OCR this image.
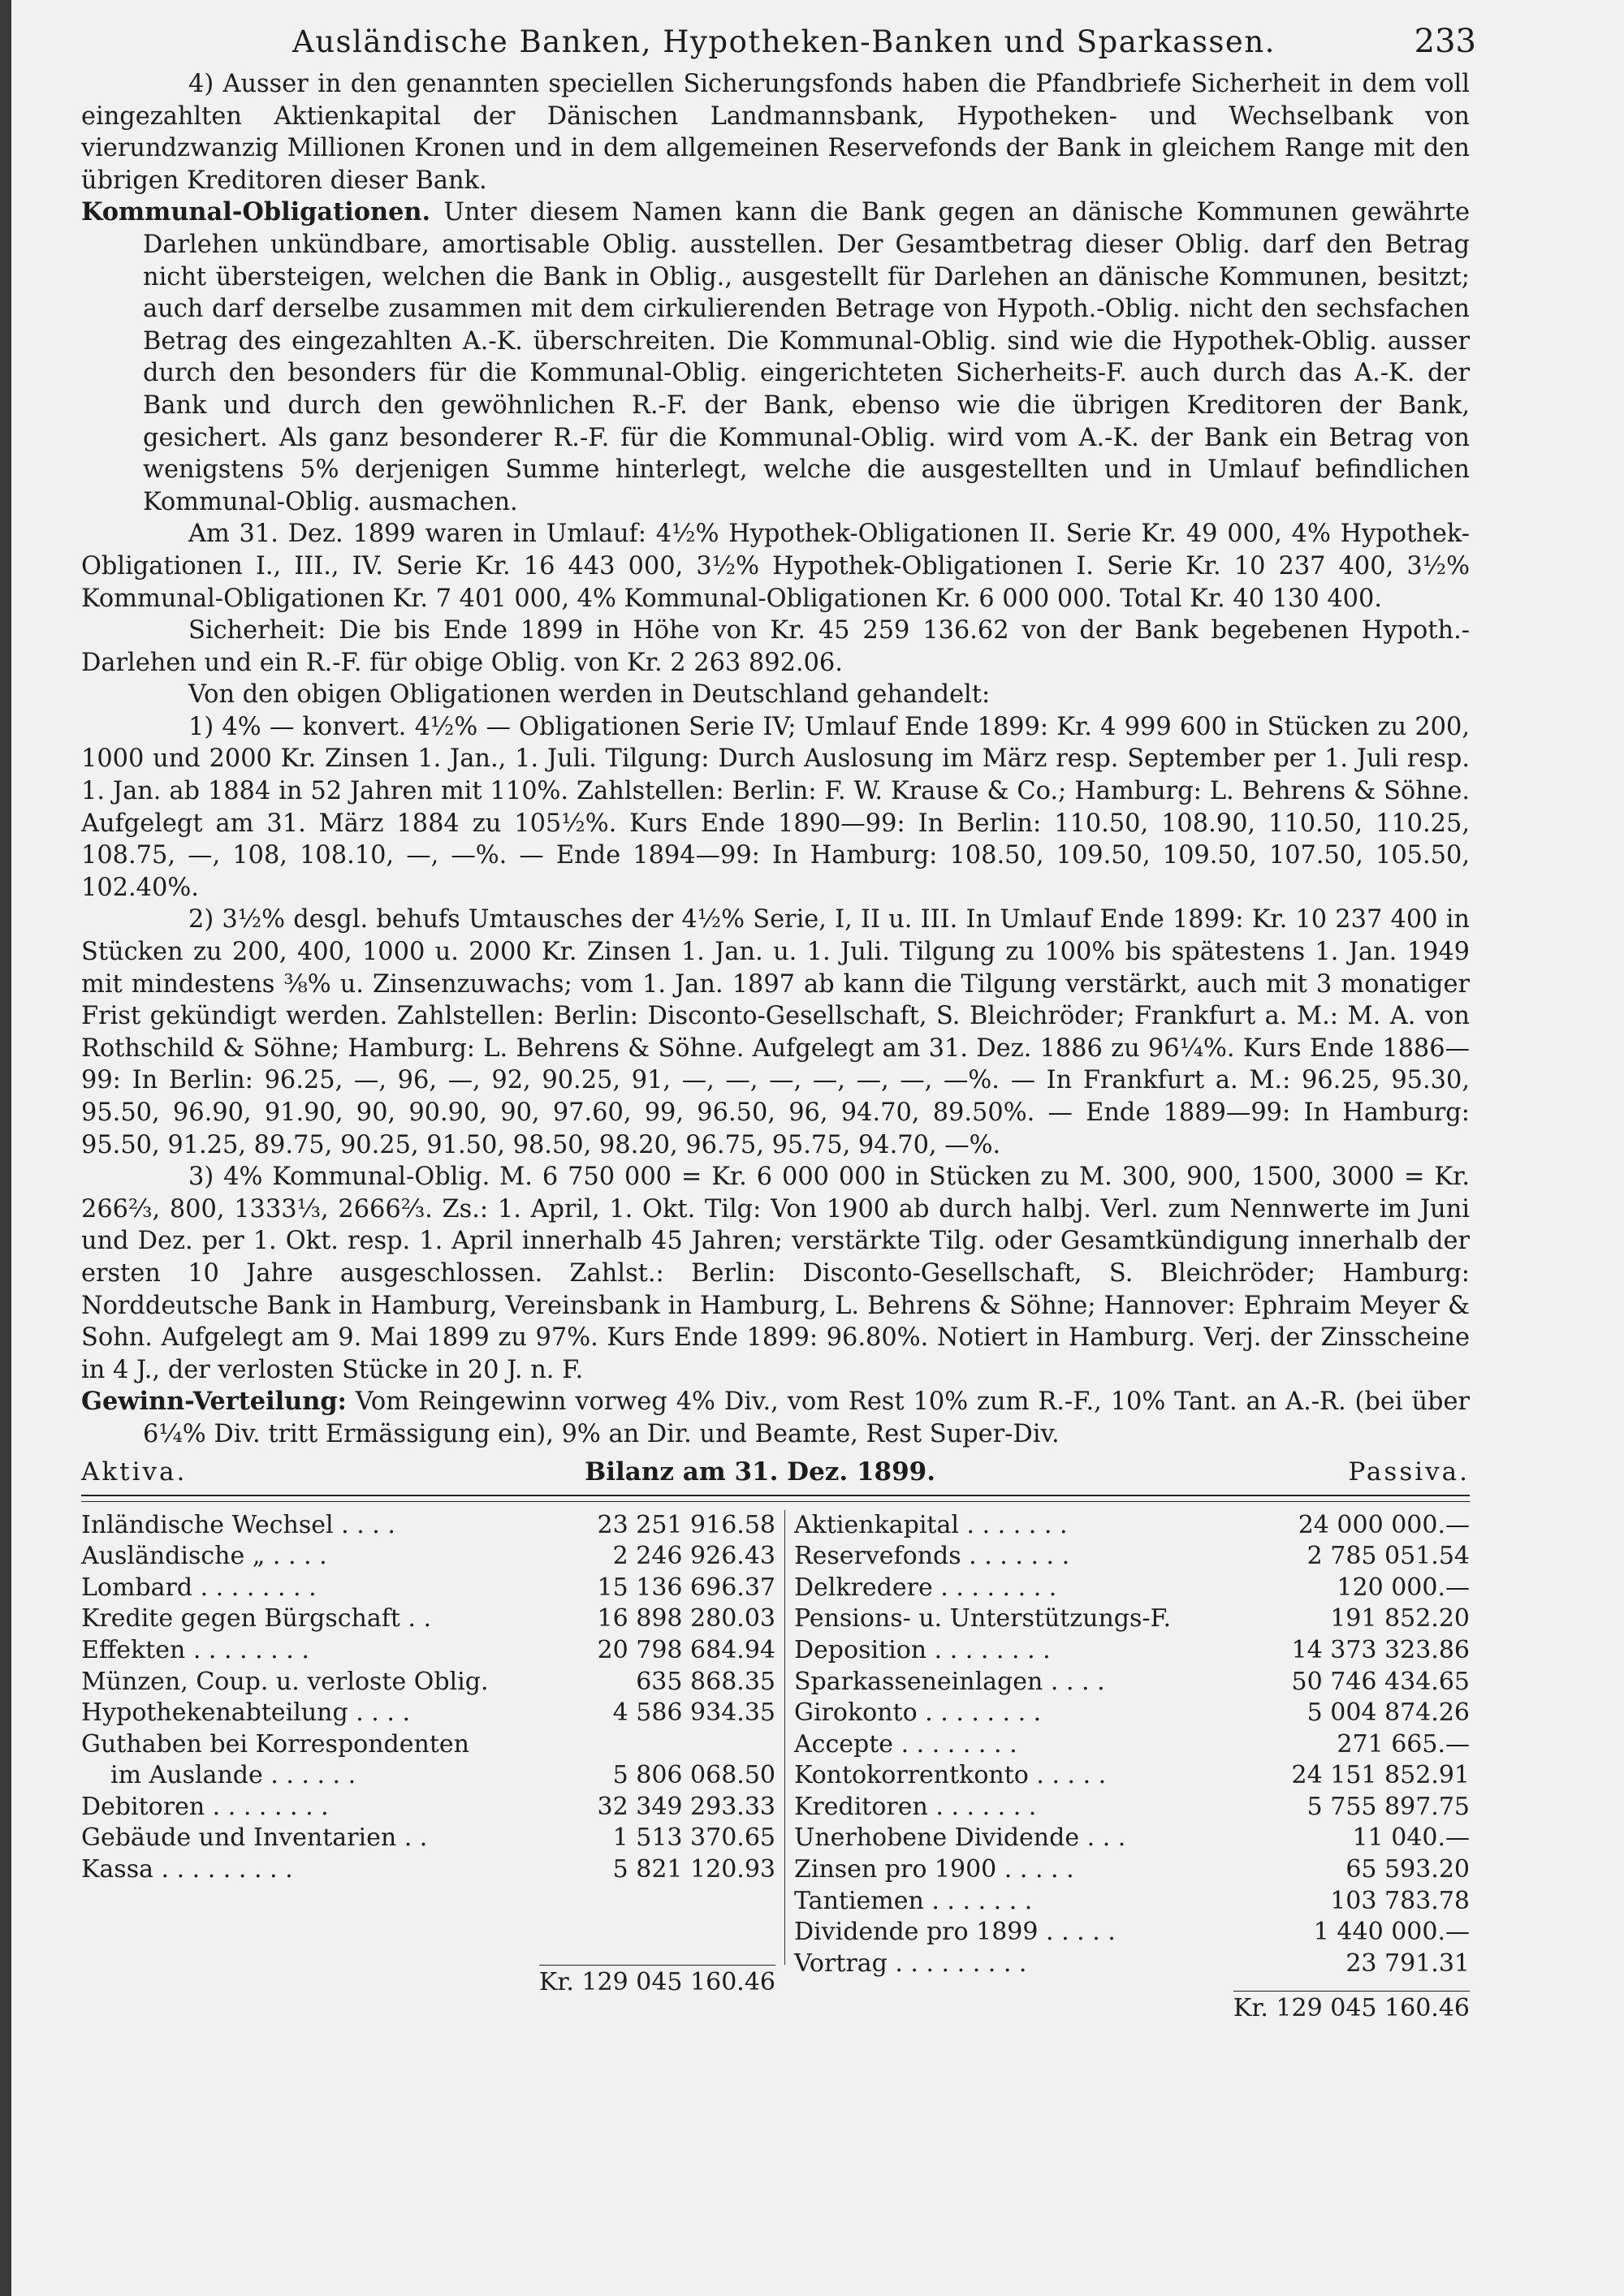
Ausländische Banken, Hypotheken-Banken und Sparkassen.	233

4) Ausser in den genannten speciellen Sicherungsfonds haben die Pfandbriefe Sicherheit in dem voll eingezahlten Aktienkapital der Dänischen Landmannsbank, Hypotheken- und Wechselbank von vierundzwanzig Millionen Kronen und in dem allgemeinen Reservefonds der Bank in gleichem Range mit den übrigen Kreditoren dieser Bank.

Kommunal-Obligationen. Unter diesem Namen kann die Bank gegen an dänische Kommunen gewährte Darlehen unkündbare, amortisable Oblig. ausstellen. Der Gesamtbetrag dieser Oblig. darf den Betrag nicht übersteigen, welchen die Bank in Oblig., ausgestellt für Darlehen an dänische Kommunen, besitzt; auch darf derselbe zusammen mit dem cirkulierenden Betrage von Hypoth.-Oblig. nicht den sechsfachen Betrag des eingezahlten A.-K. überschreiten. Die Kommunal-Oblig. sind wie die Hypothek-Oblig. ausser durch den besonders für die Kommunal-Oblig. eingerichteten Sicherheits-F. auch durch das A.-K. der Bank und durch den gewöhnlichen R.-F. der Bank, ebenso wie die übrigen Kreditoren der Bank, gesichert. Als ganz besonderer R.-F. für die Kommunal-Oblig. wird vom A.-K. der Bank ein Betrag von wenigstens 5% derjenigen Summe hinterlegt, welche die ausgestellten und in Umlauf befindlichen Kommunal-Oblig. ausmachen.

Am 31. Dez. 1899 waren in Umlauf: 4½% Hypothek-Obligationen II. Serie Kr. 49 000, 4% Hypothek-Obligationen I., III., IV. Serie Kr. 16 443 000, 3½% Hypothek-Obligationen I. Serie Kr. 10 237 400, 3½% Kommunal-Obligationen Kr. 7 401 000, 4% Kommunal-Obligationen Kr. 6 000 000. Total Kr. 40 130 400.

Sicherheit: Die bis Ende 1899 in Höhe von Kr. 45 259 136.62 von der Bank begebenen Hypoth.-Darlehen und ein R.-F. für obige Oblig. von Kr. 2 263 892.06.

Von den obigen Obligationen werden in Deutschland gehandelt:

1) 4% — konvert. 4½% — Obligationen Serie IV; Umlauf Ende 1899: Kr. 4 999 600 in Stücken zu 200, 1000 und 2000 Kr. Zinsen 1. Jan., 1. Juli. Tilgung: Durch Auslosung im März resp. September per 1. Juli resp. 1. Jan. ab 1884 in 52 Jahren mit 110%. Zahlstellen: Berlin: F. W. Krause & Co.; Hamburg: L. Behrens & Söhne. Aufgelegt am 31. März 1884 zu 105½%. Kurs Ende 1890—99: In Berlin: 110.50, 108.90, 110.50, 110.25, 108.75, —, 108, 108.10, —, —%. — Ende 1894—99: In Hamburg: 108.50, 109.50, 109.50, 107.50, 105.50, 102.40%.

2) 3½% desgl. behufs Umtausches der 4½% Serie, I, II u. III. In Umlauf Ende 1899: Kr. 10 237 400 in Stücken zu 200, 400, 1000 u. 2000 Kr. Zinsen 1. Jan. u. 1. Juli. Tilgung zu 100% bis spätestens 1. Jan. 1949 mit mindestens ⅜% u. Zinsenzuwachs; vom 1. Jan. 1897 ab kann die Tilgung verstärkt, auch mit 3 monatiger Frist gekündigt werden. Zahlstellen: Berlin: Disconto-Gesellschaft, S. Bleichröder; Frankfurt a. M.: M. A. von Rothschild & Söhne; Hamburg: L. Behrens & Söhne. Aufgelegt am 31. Dez. 1886 zu 96¼%. Kurs Ende 1886—99: In Berlin: 96.25, —, 96, —, 92, 90.25, 91, —, —, —, —, —, —, —%. — In Frankfurt a. M.: 96.25, 95.30, 95.50, 96.90, 91.90, 90, 90.90, 90, 97.60, 99, 96.50, 96, 94.70, 89.50%. — Ende 1889—99: In Hamburg: 95.50, 91.25, 89.75, 90.25, 91.50, 98.50, 98.20, 96.75, 95.75, 94.70, —%.

3) 4% Kommunal-Oblig. M. 6 750 000 = Kr. 6 000 000 in Stücken zu M. 300, 900, 1500, 3000 = Kr. 266⅔, 800, 1333⅓, 2666⅔. Zs.: 1. April, 1. Okt. Tilg: Von 1900 ab durch halbj. Verl. zum Nennwerte im Juni und Dez. per 1. Okt. resp. 1. April innerhalb 45 Jahren; verstärkte Tilg. oder Gesamtkündigung innerhalb der ersten 10 Jahre ausgeschlossen. Zahlst.: Berlin: Disconto-Gesellschaft, S. Bleichröder; Hamburg: Norddeutsche Bank in Hamburg, Vereinsbank in Hamburg, L. Behrens & Söhne; Hannover: Ephraim Meyer & Sohn. Aufgelegt am 9. Mai 1899 zu 97%. Kurs Ende 1899: 96.80%. Notiert in Hamburg. Verj. der Zinsscheine in 4 J., der verlosten Stücke in 20 J. n. F.

Gewinn-Verteilung: Vom Reingewinn vorweg 4% Div., vom Rest 10% zum R.-F., 10% Tant. an A.-R. (bei über 6¼% Div. tritt Ermässigung ein), 9% an Dir. und Beamte, Rest Super-Div.

Aktiva.	Bilanz am 31. Dez. 1899.	Passiva.
Inländische Wechsel . . . .	23 251 916.58
Ausländische „ . . . .	2 246 926.43
Lombard . . . . . . . .	15 136 696.37
Kredite gegen Bürgschaft . .	16 898 280.03
Effekten . . . . . . . .	20 798 684.94
Münzen, Coup. u. verloste Oblig.	635 868.35
Hypothekenabteilung . . . .	4 586 934.35
Guthaben bei Korrespondenten
im Auslande . . . . . .	5 806 068.50
Debitoren . . . . . . . .	32 349 293.33
Gebäude und Inventarien . .	1 513 370.65
Kassa . . . . . . . . .	5 821 120.93
Kr. 129 045 160.46
Aktienkapital . . . . . . .	24 000 000.—
Reservefonds . . . . . . .	2 785 051.54
Delkredere . . . . . . . .	120 000.—
Pensions- u. Unterstützungs-F.	191 852.20
Deposition . . . . . . . .	14 373 323.86
Sparkasseneinlagen . . . .	50 746 434.65
Girokonto . . . . . . . .	5 004 874.26
Accepte . . . . . . . .	271 665.—
Kontokorrentkonto . . . . .	24 151 852.91
Kreditoren . . . . . . .	5 755 897.75
Unerhobene Dividende . . .	11 040.—
Zinsen pro 1900 . . . . .	65 593.20
Tantiemen . . . . . . .	103 783.78
Dividende pro 1899 . . . . .	1 440 000.—
Vortrag . . . . . . . . .	23 791.31
Kr. 129 045 160.46
